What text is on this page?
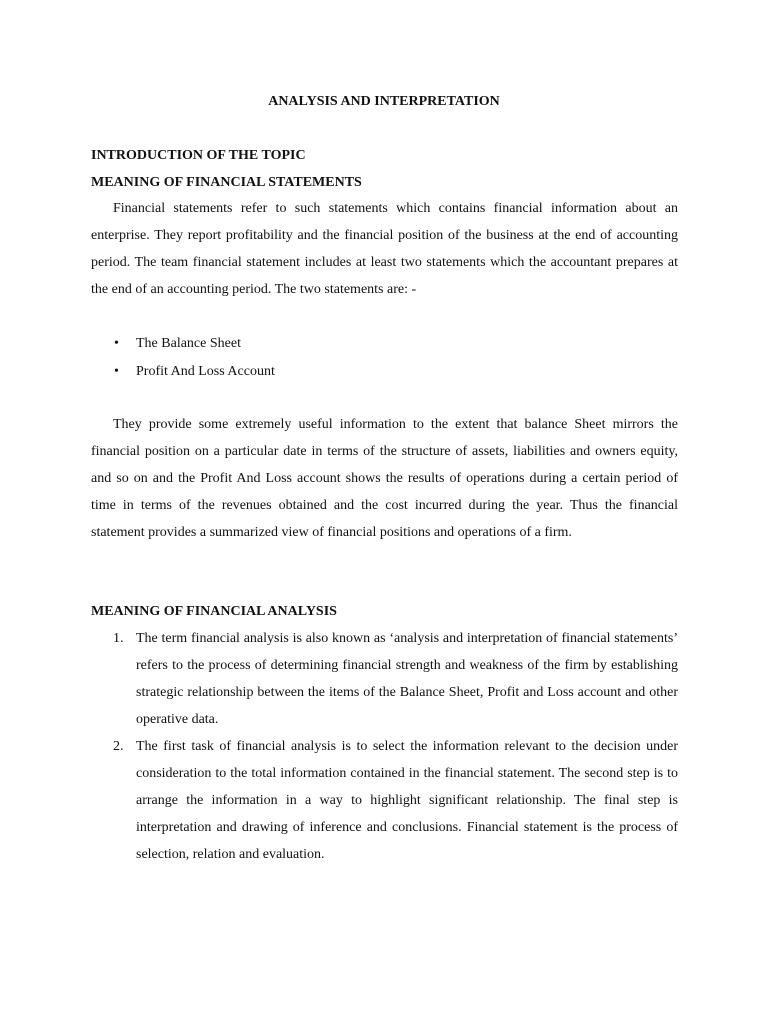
ANALYSIS AND INTERPRETATION
INTRODUCTION OF THE TOPIC
MEANING OF FINANCIAL STATEMENTS

Financial statements refer to such statements which contains financial information about an enterprise. They report profitability and the financial position of the business at the end of accounting period. The team financial statement includes at least two statements which the accountant prepares at the end of an accounting period. The two statements are: -

• The Balance Sheet
• Profit And Loss Account

They provide some extremely useful information to the extent that balance Sheet mirrors the financial position on a particular date in terms of the structure of assets, liabilities and owners equity, and so on and the Profit And Loss account shows the results of operations during a certain period of time in terms of the revenues obtained and the cost incurred during the year. Thus the financial statement provides a summarized view of financial positions and operations of a firm.

MEANING OF FINANCIAL ANALYSIS
1. The term financial analysis is also known as ‘analysis and interpretation of financial statements’ refers to the process of determining financial strength and weakness of the firm by establishing strategic relationship between the items of the Balance Sheet, Profit and Loss account and other operative data.
2. The first task of financial analysis is to select the information relevant to the decision under consideration to the total information contained in the financial statement. The second step is to arrange the information in a way to highlight significant relationship. The final step is interpretation and drawing of inference and conclusions. Financial statement is the process of selection, relation and evaluation.
